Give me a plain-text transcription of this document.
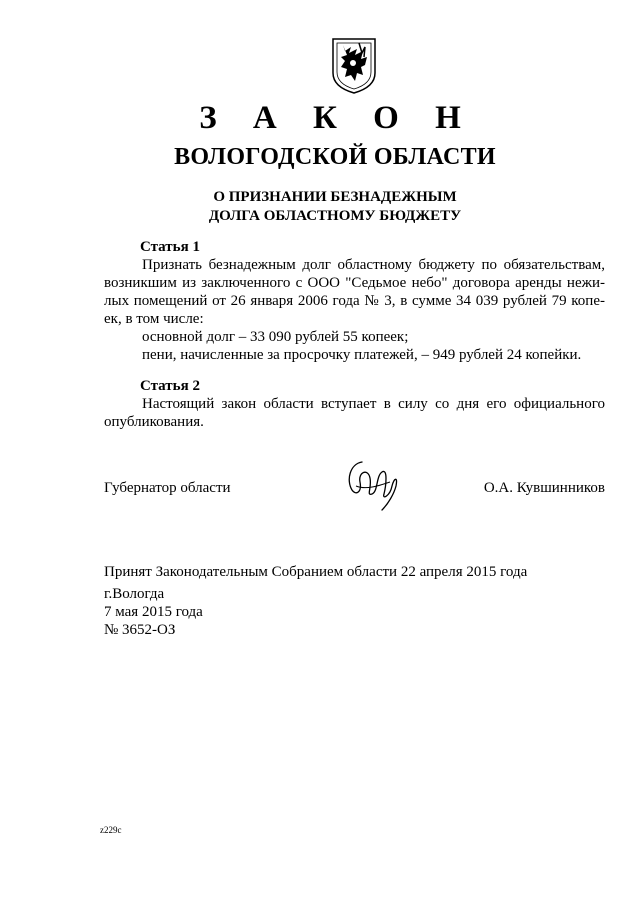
З А К О Н
ВОЛОГОДСКОЙ ОБЛАСТИ
О ПРИЗНАНИИ БЕЗНАДЕЖНЫМ
ДОЛГА ОБЛАСТНОМУ БЮДЖЕТУ
Статья 1
Признать безнадежным долг областному бюджету по обязательствам,
возникшим из заключенного с ООО "Седьмое небо" договора аренды нежи-
лых помещений от 26 января 2006 года № 3, в сумме 34 039 рублей 79 копе-
ек, в том числе:
основной долг – 33 090 рублей 55 копеек;
пени, начисленные за просрочку платежей, – 949 рублей 24 копейки.
Статья 2
Настоящий закон области вступает в силу со дня его официального
опубликования.
Губернатор области	О.А. Кувшинников
Принят Законодательным Собранием области 22 апреля 2015 года
г.Вологда
7 мая 2015 года
№ 3652-ОЗ
z229c
